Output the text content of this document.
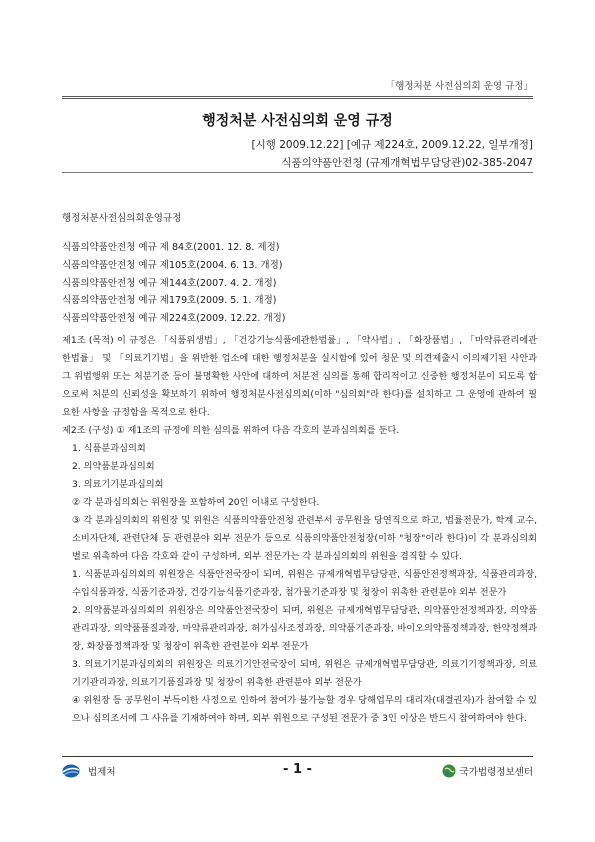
「행정처분 사전심의회 운영 규정」
행정처분 사전심의회 운영 규정
[시행 2009.12.22] [예규 제224호, 2009.12.22, 일부개정]
식품의약품안전청 (규제개혁법무담당관)02-385-2047
행정처분사전심의회운영규정
식품의약품안전청 예규 제 84호(2001. 12. 8. 제정)
식품의약품안전청 예규 제105호(2004. 6. 13. 개정)
식품의약품안전청 예규 제144호(2007. 4. 2. 개정)
식품의약품안전청 예규 제179호(2009. 5. 1. 개정)
식품의약품안전청 예규 제224호(2009. 12.22. 개정)

제1조 (목적) 이 규정은 「식품위생법」, 「건강기능식품에관한법률」, 「약사법」, 「화장품법」, 「마약류관리에관한법률」 및 「의료기기법」을 위반한 업소에 대한 행정처분을 실시함에 있어 청문 및 의견제출시 이의제기된 사안과 그 위법행위 또는 처분기준 등이 불명확한 사안에 대하여 처분전 심의를 통해 합리적이고 신중한 행정처분이 되도록 함으로써 처분의 신뢰성을 확보하기 위하여 행정처분사전심의회(이하 "심의회"라 한다)를 설치하고 그 운영에 관하여 필요한 사항을 규정함을 목적으로 한다.

제2조 (구성) ① 제1조의 규정에 의한 심의를 위하여 다음 각호의 분과심의회를 둔다.

1. 식품분과심의회

2. 의약품분과심의회

3. 의료기기분과심의회

② 각 분과심의회는 위원장을 포함하여 20인 이내로 구성한다.

③ 각 분과심의회의 위원장 및 위원은 식품의약품안전청 관련부서 공무원을 당연직으로 하고, 법률전문가, 학계 교수, 소비자단체, 관련단체 등 관련분야 외부 전문가 등으로 식품의약품안전청장(이하 "청장"이라 한다)이 각 분과심의회별로 위촉하여 다음 각호와 같이 구성하며, 외부 전문가는 각 분과심의회의 위원을 겸직할 수 있다.

1. 식품분과심의회의 위원장은 식품안전국장이 되며, 위원은 규제개혁법무담당관, 식품안전정책과장, 식품관리과장, 수입식품과장, 식품기준과장, 건강기능식품기준과장, 첨가물기준과장 및 청장이 위촉한 관련분야 외부 전문가

2. 의약품분과심의회의 위원장은 의약품안전국장이 되며, 위원은 규제개혁법무담당관, 의약품안전정책과장, 의약품관리과장, 의약품품질과장, 마약류관리과장, 허가심사조정과장, 의약품기준과장, 바이오의약품정책과장, 한약정책과장, 화장품정책과장 및 청장이 위촉한 관련분야 외부 전문가

3. 의료기기분과심의회의 위원장은 의료기기안전국장이 되며, 위원은 규제개혁법무담당관, 의료기기정책과장, 의료기기관리과장, 의료기기품질과장 및 청장이 위촉한 관련분야 외부 전문가

④ 위원장 등 공무원이 부득이한 사정으로 인하여 참여가 불가능할 경우 당해업무의 대리자(대결권자)가 참여할 수 있으나 심의조서에 그 사유를 기재하여야 하며, 외부 위원으로 구성된 전문가 중 3인 이상은 반드시 참여하여야 한다.

법제처	- 1 -	국가법령정보센터
